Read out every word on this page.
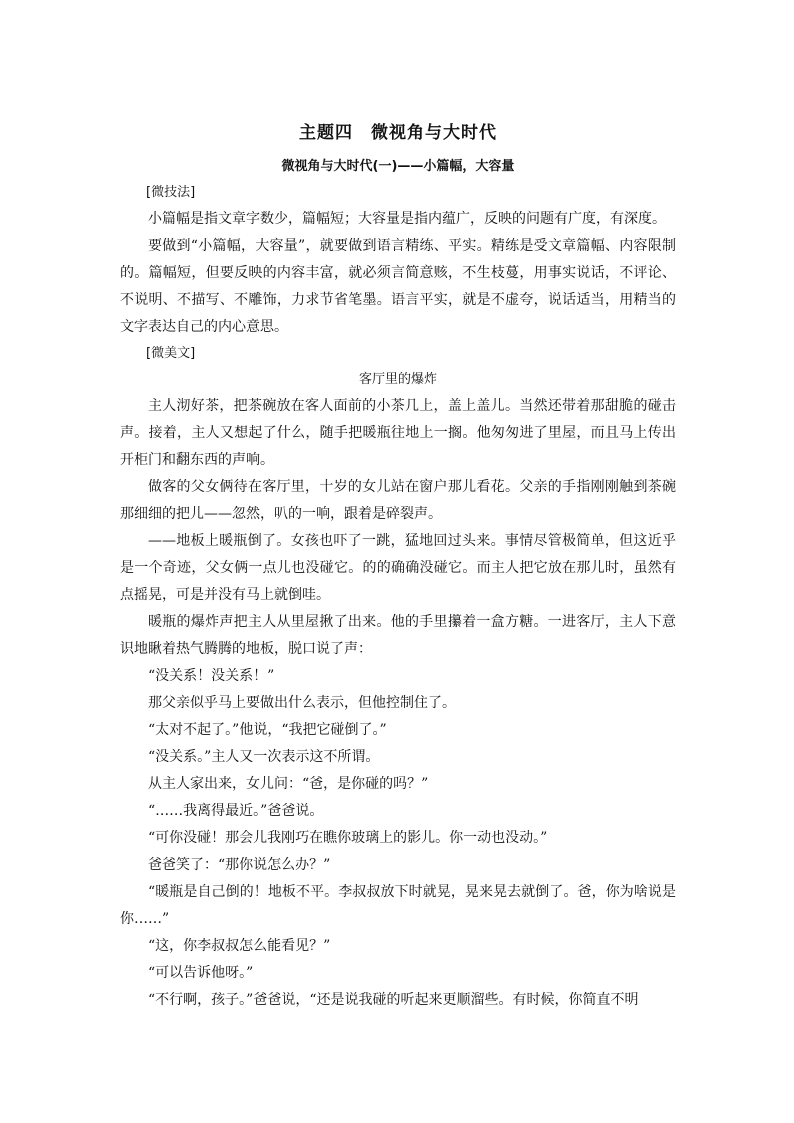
主题四　微视角与大时代
微视角与大时代(一)——小篇幅，大容量
[微技法]

小篇幅是指文章字数少，篇幅短；大容量是指内蕴广，反映的问题有广度，有深度。

要做到“小篇幅，大容量”，就要做到语言精练、平实。精练是受文章篇幅、内容限制的。篇幅短，但要反映的内容丰富，就必须言简意赅，不生枝蔓，用事实说话，不评论、不说明、不描写、不雕饰，力求节省笔墨。语言平实，就是不虚夸，说话适当，用精当的文字表达自己的内心意思。

[微美文]
客厅里的爆炸

主人沏好茶，把茶碗放在客人面前的小茶几上，盖上盖儿。当然还带着那甜脆的碰击声。接着，主人又想起了什么，随手把暖瓶往地上一搁。他匆匆进了里屋，而且马上传出开柜门和翻东西的声响。

做客的父女俩待在客厅里，十岁的女儿站在窗户那儿看花。父亲的手指刚刚触到茶碗那细细的把儿——忽然，叭的一响，跟着是碎裂声。

——地板上暖瓶倒了。女孩也吓了一跳，猛地回过头来。事情尽管极简单，但这近乎是一个奇迹，父女俩一点儿也没碰它。的的确确没碰它。而主人把它放在那儿时，虽然有点摇晃，可是并没有马上就倒哇。

暖瓶的爆炸声把主人从里屋揪了出来。他的手里攥着一盒方糖。一进客厅，主人下意识地瞅着热气腾腾的地板，脱口说了声：

“没关系！没关系！”

那父亲似乎马上要做出什么表示，但他控制住了。

“太对不起了。”他说，“我把它碰倒了。”

“没关系。”主人又一次表示这不所谓。

从主人家出来，女儿问：“爸，是你碰的吗？”

“……我离得最近。”爸爸说。

“可你没碰！那会儿我刚巧在瞧你玻璃上的影儿。你一动也没动。”

爸爸笑了：“那你说怎么办？”

“暖瓶是自己倒的！地板不平。李叔叔放下时就晃，晃来晃去就倒了。爸，你为啥说是你……”

“这，你李叔叔怎么能看见？”

“可以告诉他呀。”

“不行啊，孩子。”爸爸说，“还是说我碰的听起来更顺溜些。有时候，你简直不明
